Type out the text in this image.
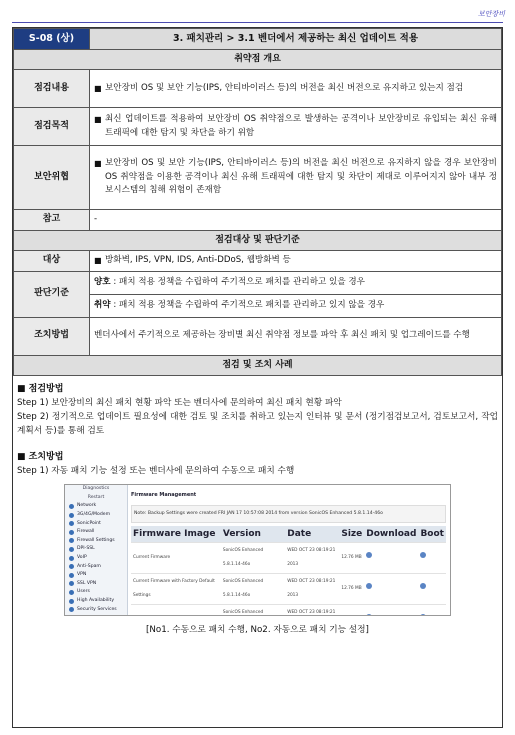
보안장비
S-08 (상)	3. 패치관리 > 3.1 벤더에서 제공하는 최신 업데이트 적용
취약점 개요	
점검내용	■ 보안장비 OS 및 보안 기능(IPS, 안티바이러스 등)의 버전을 최신 버전으로 유지하고 있는지 점검

점검목적	■ 최신 업데이트를 적용하여 보안장비 OS 취약점으로 발생하는 공격이나 보안장비로 유입되는 최신 유해 트래픽에 대한 탐지 및 차단을 하기 위함

보안위협	■ 보안장비 OS 및 보안 기능(IPS, 안티바이러스 등)의 버전을 최신 버전으로 유지하지 않을 경우 보안장비 OS 취약점을 이용한 공격이나 최신 유해 트래픽에 대한 탐지 및 차단이 제대로 이루어지지 않아 내부 정보시스템의 침해 위험이 존재함

참고	-
점검대상 및 판단기준	
대상	■ 방화벽, IPS, VPN, IDS, Anti-DDoS, 웹방화벽 등

판단기준	양호 : 패치 적용 정책을 수립하여 주기적으로 패치를 관리하고 있을 경우
	취약 : 패치 적용 정책을 수립하여 주기적으로 패치를 관리하고 있지 않을 경우
조치방법	벤더사에서 주기적으로 제공하는 장비별 최신 취약점 정보를 파악 후 최신 패치 및 업그레이드를 수행
점검 및 조치 사례	
■ 점검방법
Step 1) 보안장비의 최신 패치 현황 파악 또는 벤더사에 문의하여 최신 패치 현황 파악
Step 2) 정기적으로 업데이트 필요성에 대한 검토 및 조치를 취하고 있는지 인터뷰 및 문서 (정기점검보고서, 검토보고서, 작업계획서 등)를 통해 검토
■ 조치방법
Step 1) 자동 패치 기능 설정 또는 벤더사에 문의하여 수동으로 패치 수행
Diagnostics
Restart
Network
3G/4G/Modem
SonicPoint
Firewall
Firewall Settings
DPI-SSL
VoIP
Anti-Spam
VPN
SSL VPN
Users
High Availability
Security Services
Firmware Management
Note: Backup Settings were created FRI JAN 17 10:57:08 2014 from version SonicOS Enhanced 5.8.1.14-46o
Firmware Image	Version	Date	Size	Download	Boot
Current Firmware	SonicOS Enhanced 5.8.1.14-46o	WED OCT 23 08:19:21 2013	12.76 MB		
Current Firmware with Factory Default Settings	SonicOS Enhanced 5.8.1.14-46o	WED OCT 23 08:19:21 2013	12.76 MB		
	SonicOS Enhanced	WED OCT 23 08:19:21			
[No1. 수동으로 패치 수행, No2. 자동으로 패치 기능 설정]
